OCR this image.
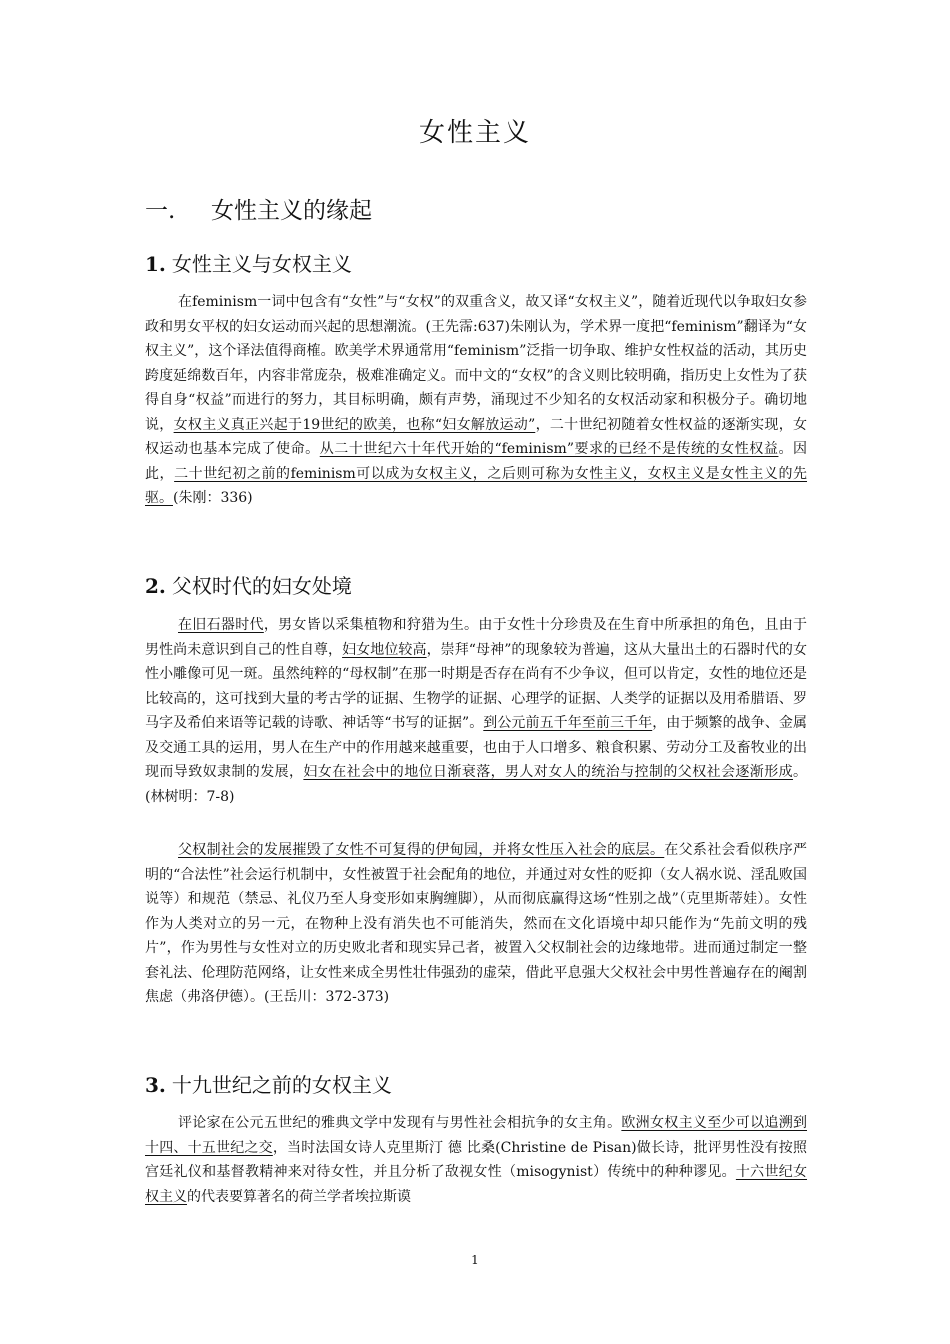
女性主义
一. 女性主义的缘起
1. 女性主义与女权主义

在feminism一词中包含有“女性”与“女权”的双重含义，故又译“女权主义”，随着近现代以争取妇女参政和男女平权的妇女运动而兴起的思想潮流。(王先霈:637)朱刚认为，学术界一度把“feminism”翻译为“女权主义”，这个译法值得商榷。欧美学术界通常用“feminism”泛指一切争取、维护女性权益的活动，其历史跨度延绵数百年，内容非常庞杂，极难准确定义。而中文的“女权”的含义则比较明确，指历史上女性为了获得自身“权益”而进行的努力，其目标明确，颇有声势，涌现过不少知名的女权活动家和积极分子。确切地说，女权主义真正兴起于19世纪的欧美，也称“妇女解放运动”，二十世纪初随着女性权益的逐渐实现，女权运动也基本完成了使命。从二十世纪六十年代开始的“feminism”要求的已经不是传统的女性权益。因此，二十世纪初之前的feminism可以成为女权主义，之后则可称为女性主义，女权主义是女性主义的先驱。(朱刚：336)

2. 父权时代的妇女处境

在旧石器时代，男女皆以采集植物和狩猎为生。由于女性十分珍贵及在生育中所承担的角色，且由于男性尚未意识到自己的性自尊，妇女地位较高，崇拜“母神”的现象较为普遍，这从大量出土的石器时代的女性小雕像可见一斑。虽然纯粹的“母权制”在那一时期是否存在尚有不少争议，但可以肯定，女性的地位还是比较高的，这可找到大量的考古学的证据、生物学的证据、心理学的证据、人类学的证据以及用希腊语、罗马字及希伯来语等记载的诗歌、神话等“书写的证据”。到公元前五千年至前三千年，由于频繁的战争、金属及交通工具的运用，男人在生产中的作用越来越重要，也由于人口增多、粮食积累、劳动分工及畜牧业的出现而导致奴隶制的发展，妇女在社会中的地位日渐衰落，男人对女人的统治与控制的父权社会逐渐形成。(林树明：7-8)

父权制社会的发展摧毁了女性不可复得的伊甸园，并将女性压入社会的底层。在父系社会看似秩序严明的“合法性”社会运行机制中，女性被置于社会配角的地位，并通过对女性的贬抑（女人祸水说、淫乱败国说等）和规范（禁忌、礼仪乃至人身变形如束胸缠脚），从而彻底赢得这场“性别之战”（克里斯蒂娃）。女性作为人类对立的另一元，在物种上没有消失也不可能消失，然而在文化语境中却只能作为“先前文明的残片”，作为男性与女性对立的历史败北者和现实异己者，被置入父权制社会的边缘地带。进而通过制定一整套礼法、伦理防范网络，让女性来成全男性壮伟强劲的虚荣，借此平息强大父权社会中男性普遍存在的阉割焦虑（弗洛伊德）。(王岳川：372-373)

3. 十九世纪之前的女权主义

评论家在公元五世纪的雅典文学中发现有与男性社会相抗争的女主角。欧洲女权主义至少可以追溯到十四、十五世纪之交，当时法国女诗人克里斯汀 德 比桑(Christine de Pisan)做长诗，批评男性没有按照宫廷礼仪和基督教精神来对待女性，并且分析了敌视女性（misogynist）传统中的种种谬见。十六世纪女权主义的代表要算著名的荷兰学者埃拉斯谟

1
